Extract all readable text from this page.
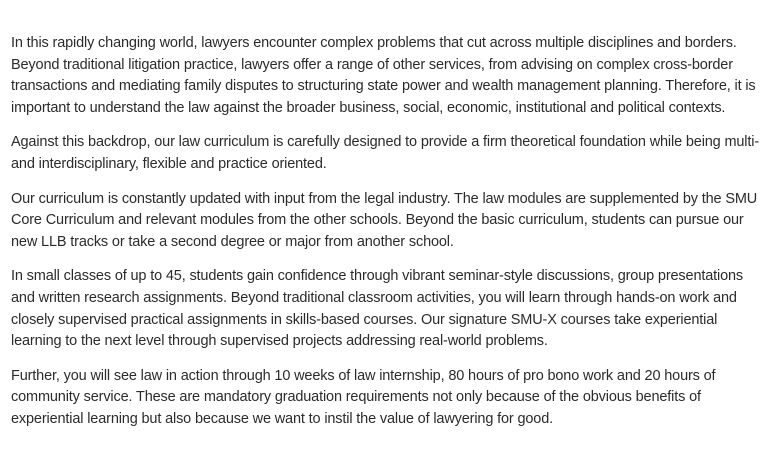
In this rapidly changing world, lawyers encounter complex problems that cut across multiple disciplines and borders. Beyond traditional litigation practice, lawyers offer a range of other services, from advising on complex cross-border transactions and mediating family disputes to structuring state power and wealth management planning. Therefore, it is important to understand the law against the broader business, social, economic, institutional and political contexts.

Against this backdrop, our law curriculum is carefully designed to provide a firm theoretical foundation while being multi- and interdisciplinary, flexible and practice oriented.

Our curriculum is constantly updated with input from the legal industry. The law modules are supplemented by the SMU Core Curriculum and relevant modules from the other schools. Beyond the basic curriculum, students can pursue our new LLB tracks or take a second degree or major from another school.

In small classes of up to 45, students gain confidence through vibrant seminar-style discussions, group presentations and written research assignments. Beyond traditional classroom activities, you will learn through hands-on work and closely supervised practical assignments in skills-based courses. Our signature SMU-X courses take experiential learning to the next level through supervised projects addressing real-world problems.

Further, you will see law in action through 10 weeks of law internship, 80 hours of pro bono work and 20 hours of community service. These are mandatory graduation requirements not only because of the obvious benefits of experiential learning but also because we want to instil the value of lawyering for good.
